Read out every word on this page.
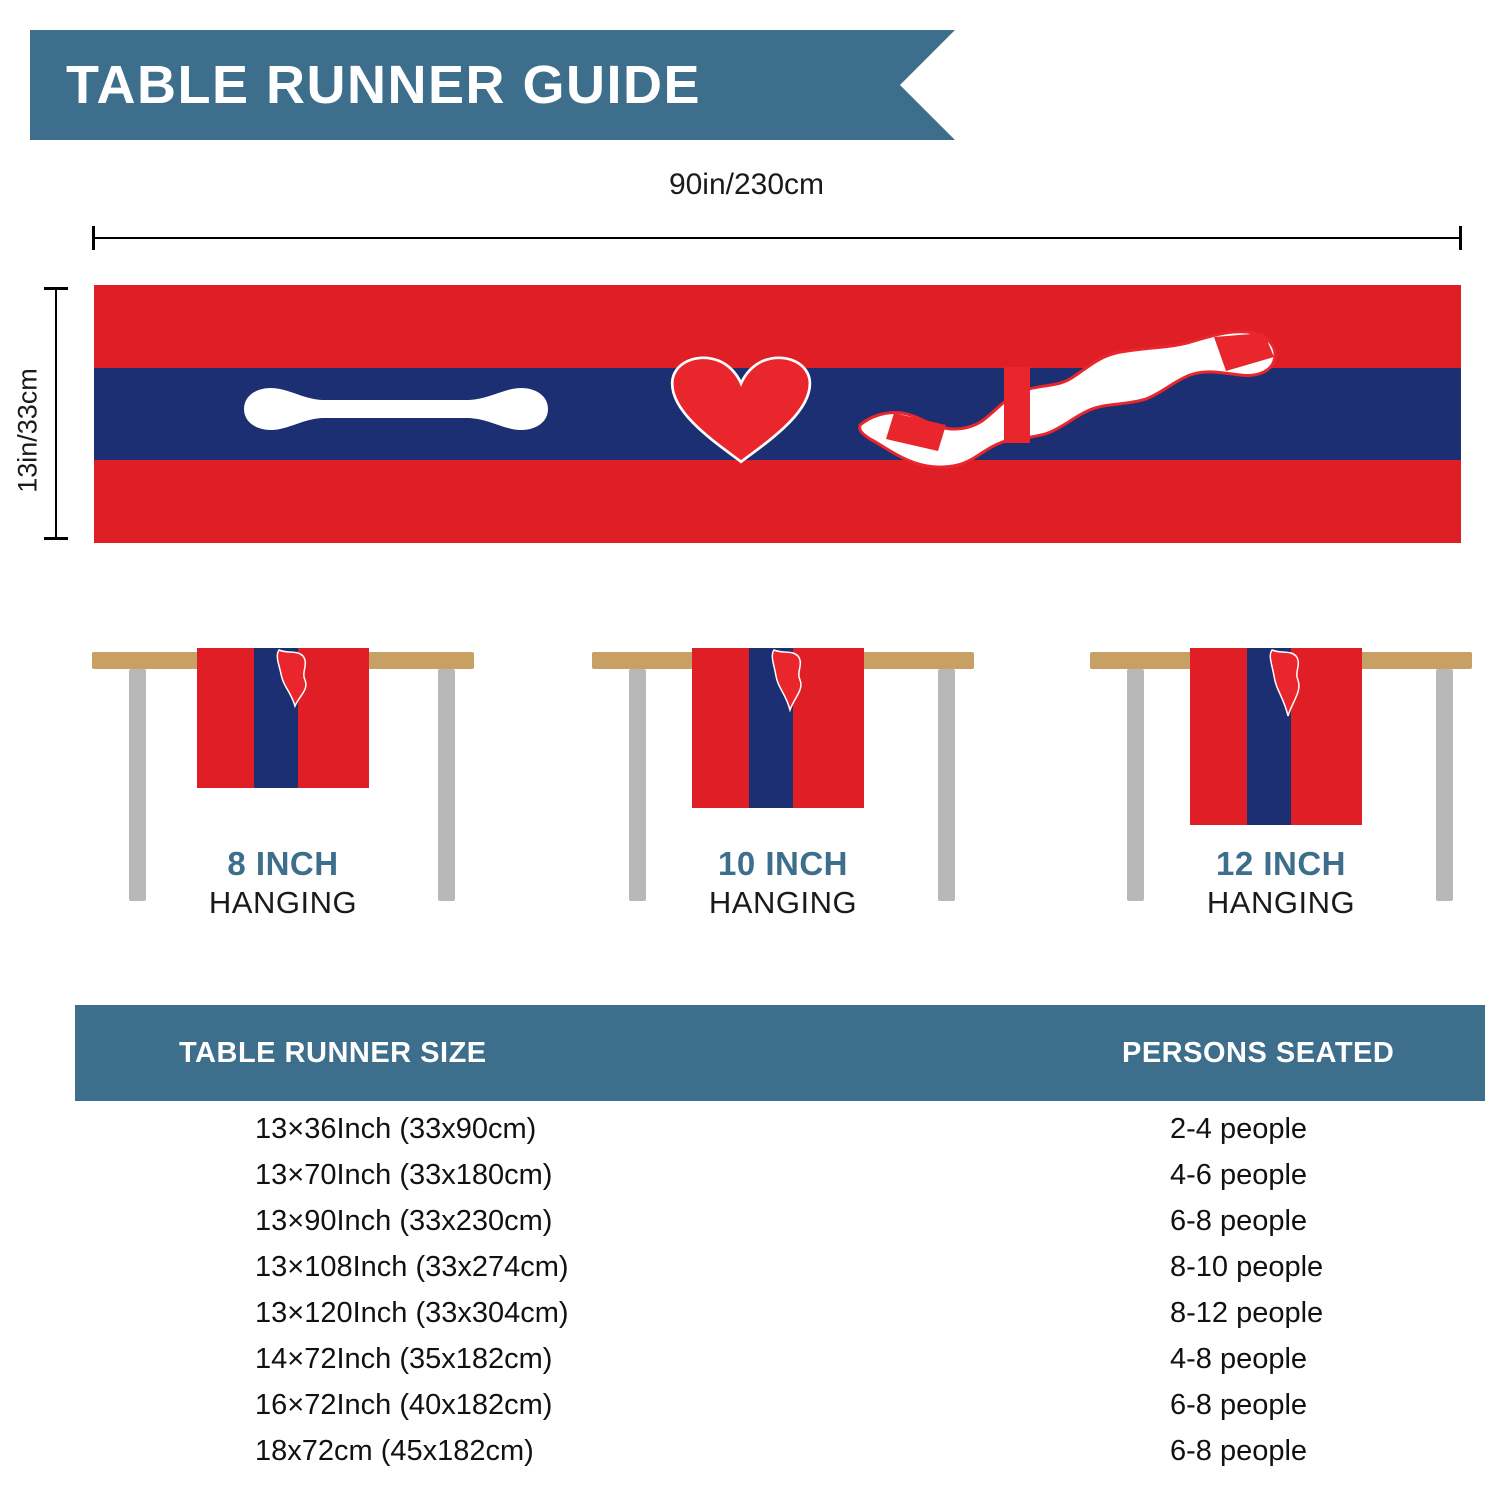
TABLE RUNNER GUIDE
90in/230cm
13in/33cm
8 INCH
HANGING
10 INCH
HANGING
12 INCH
HANGING
TABLE RUNNER SIZE	PERSONS SEATED
13×36Inch (33x90cm)	2-4 people
13×70Inch (33x180cm)	4-6 people
13×90Inch (33x230cm)	6-8 people
13×108Inch (33x274cm)	8-10 people
13×120Inch (33x304cm)	8-12 people
14×72Inch (35x182cm)	4-8 people
16×72Inch (40x182cm)	6-8 people
18x72cm (45x182cm)	6-8 people
